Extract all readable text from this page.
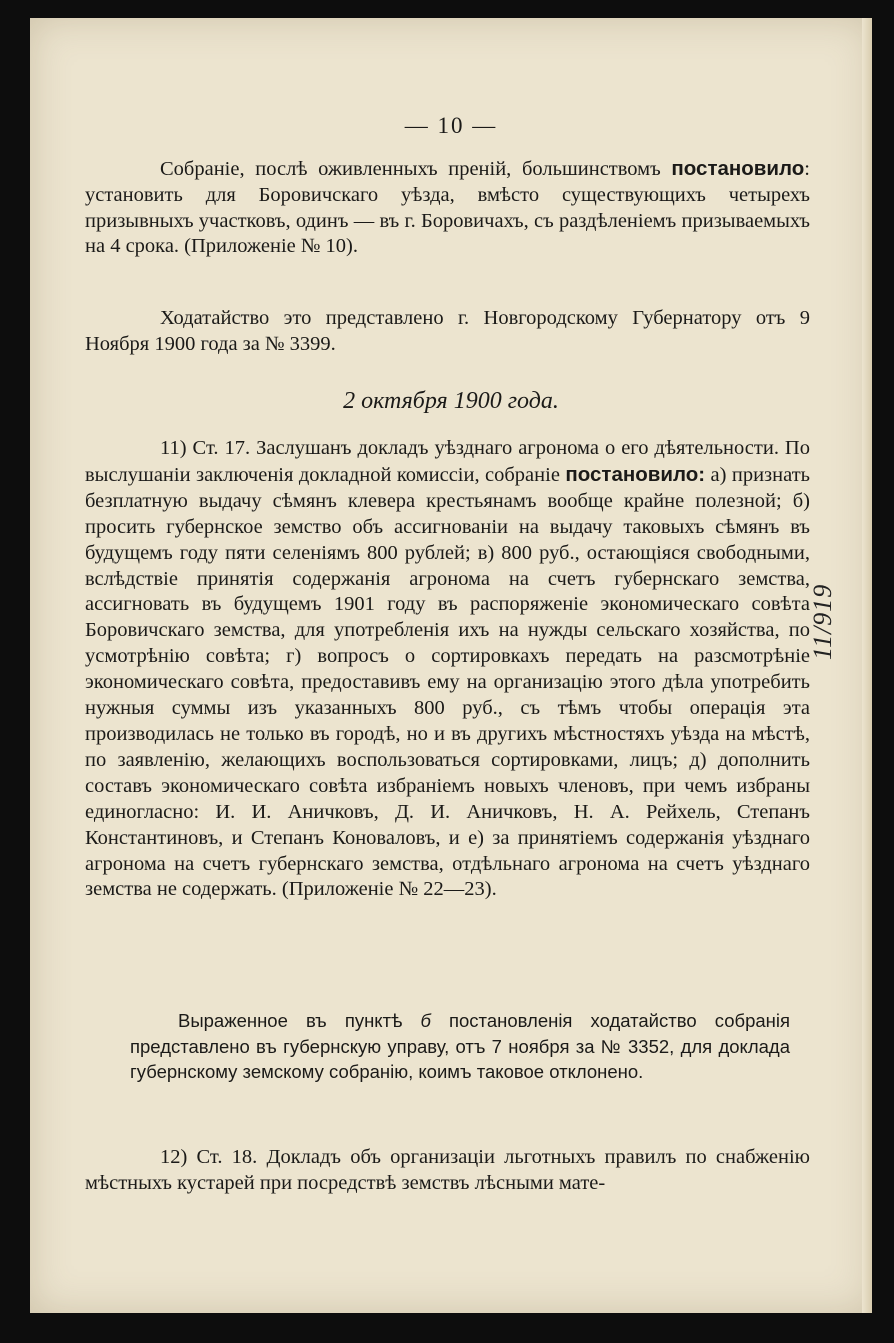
— 10 —

Собраніе, послѣ оживленныхъ преній, большинствомъ постановило: установить для Боровичскаго уѣзда, вмѣсто существующихъ четырехъ призывныхъ участковъ, одинъ — въ г. Боровичахъ, съ раздѣленіемъ призываемыхъ на 4 срока. (Приложеніе № 10).

Ходатайство это представлено г. Новгородскому Губернатору отъ 9 Ноября 1900 года за № 3399.

2 октября 1900 года.

11) Ст. 17. Заслушанъ докладъ уѣзднаго агронома о его дѣятельности. По выслушаніи заключенія докладной комиссіи, собраніе постановило: а) признать безплатную выдачу сѣмянъ клевера крестьянамъ вообще крайне полезной; б) просить губернское земство объ ассигнованіи на выдачу таковыхъ сѣмянъ въ будущемъ году пяти селеніямъ 800 рублей; в) 800 руб., остающіяся свободными, вслѣдствіе принятія содержанія агронома на счетъ губернскаго земства, ассигновать въ будущемъ 1901 году въ распоряженіе экономическаго совѣта Боровичскаго земства, для употребленія ихъ на нужды сельскаго хозяйства, по усмотрѣнію совѣта; г) вопросъ о сортировкахъ передать на разсмотрѣніе экономическаго совѣта, предоставивъ ему на организацію этого дѣла употребить нужныя суммы изъ указанныхъ 800 руб., съ тѣмъ чтобы операція эта производилась не только въ городѣ, но и въ другихъ мѣстностяхъ уѣзда на мѣстѣ, по заявленію, желающихъ воспользоваться сортировками, лицъ; д) дополнить составъ экономическаго совѣта избраніемъ новыхъ членовъ, при чемъ избраны единогласно: И. И. Аничковъ, Д. И. Аничковъ, Н. А. Рейхель, Степанъ Константиновъ, и Степанъ Коноваловъ, и е) за принятіемъ содержанія уѣзднаго агронома на счетъ губернскаго земства, отдѣльнаго агронома на счетъ уѣзднаго земства не содержать. (Приложеніе № 22—23).

Выраженное въ пунктѣ б постановленія ходатайство собранія представлено въ губернскую управу, отъ 7 ноября за № 3352, для доклада губернскому земскому собранію, коимъ таковое отклонено.

12) Ст. 18. Докладъ объ организаціи льготныхъ правилъ по снабженію мѣстныхъ кустарей при посредствѣ земствъ лѣсными мате-

11/919
